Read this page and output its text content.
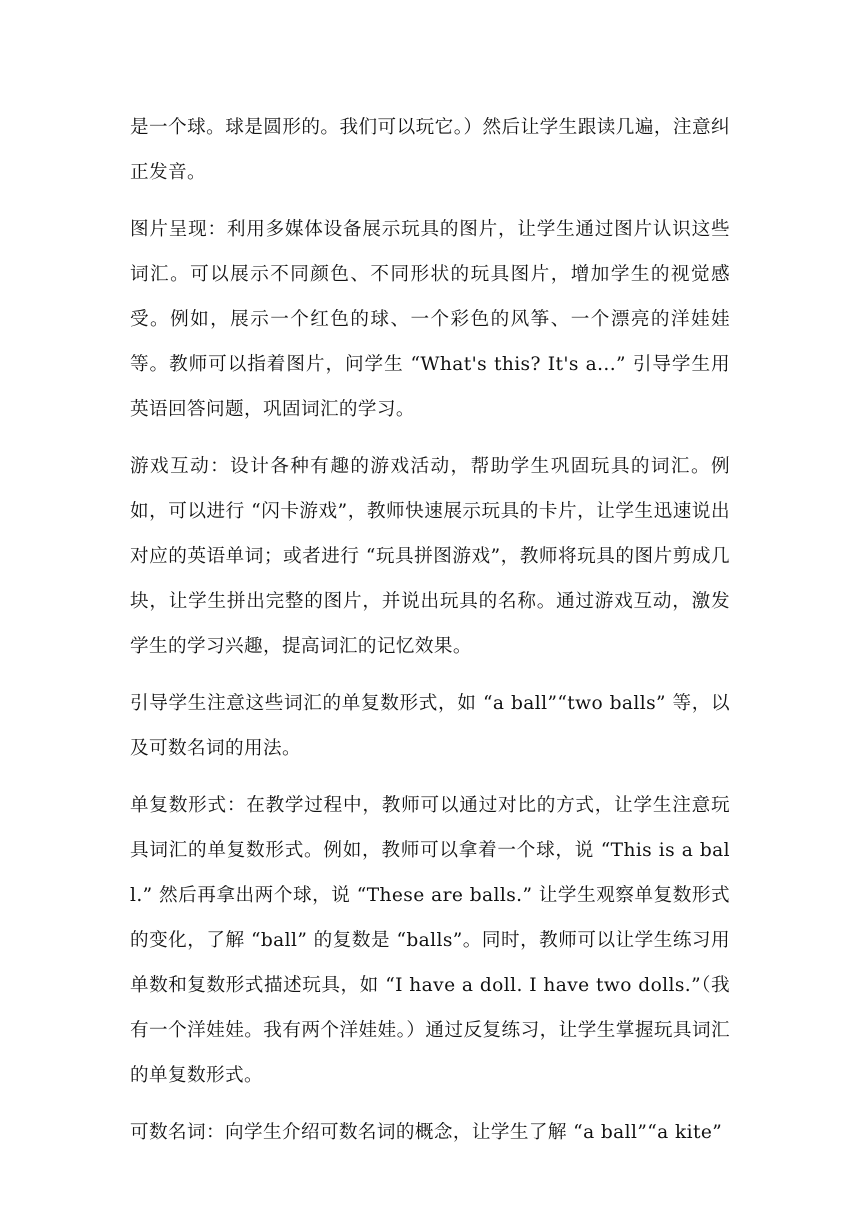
是一个球。球是圆形的。我们可以玩它。）然后让学生跟读几遍，注意纠正发音。

图片呈现：利用多媒体设备展示玩具的图片，让学生通过图片认识这些词汇。可以展示不同颜色、不同形状的玩具图片，增加学生的视觉感受。例如，展示一个红色的球、一个彩色的风筝、一个漂亮的洋娃娃等。教师可以指着图片，问学生 “What's this? It's a...” 引导学生用英语回答问题，巩固词汇的学习。

游戏互动：设计各种有趣的游戏活动，帮助学生巩固玩具的词汇。例如，可以进行 “闪卡游戏”，教师快速展示玩具的卡片，让学生迅速说出对应的英语单词；或者进行 “玩具拼图游戏”，教师将玩具的图片剪成几块，让学生拼出完整的图片，并说出玩具的名称。通过游戏互动，激发学生的学习兴趣，提高词汇的记忆效果。

引导学生注意这些词汇的单复数形式，如 “a ball”“two balls” 等，以及可数名词的用法。

单复数形式：在教学过程中，教师可以通过对比的方式，让学生注意玩具词汇的单复数形式。例如，教师可以拿着一个球，说 “This is a ball.” 然后再拿出两个球，说 “These are balls.” 让学生观察单复数形式的变化，了解 “ball” 的复数是 “balls”。同时，教师可以让学生练习用单数和复数形式描述玩具，如 “I have a doll. I have two dolls.”（我有一个洋娃娃。我有两个洋娃娃。）通过反复练习，让学生掌握玩具词汇的单复数形式。

可数名词：向学生介绍可数名词的概念，让学生了解 “a ball”“a kite”
